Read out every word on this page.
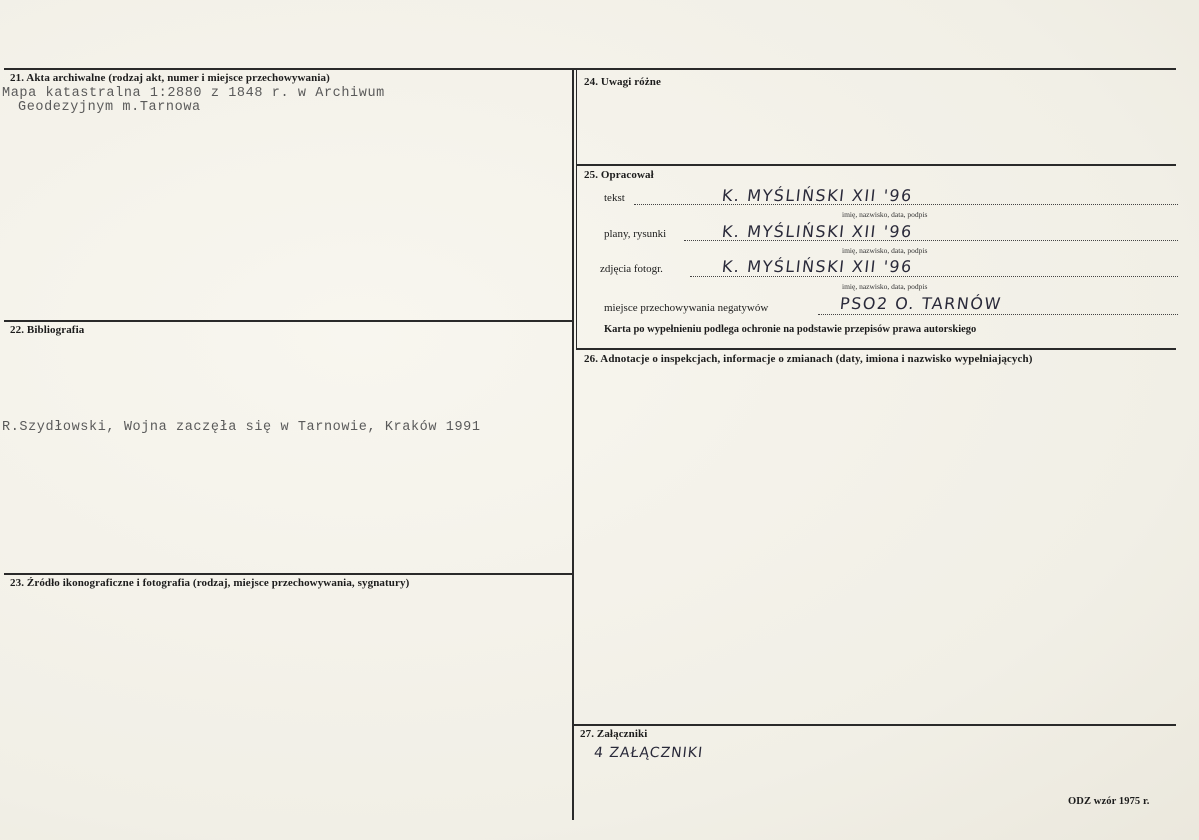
21. Akta archiwalne (rodzaj akt, numer i miejsce przechowywania)
Mapa katastralna 1:2880 z 1848 r. w Archiwum
Geodezyjnym m.Tarnowa
22. Bibliografia
R.Szydłowski, Wojna zaczęła się w Tarnowie, Kraków 1991
23. Źródło ikonograficzne i fotografia (rodzaj, miejsce przechowywania, sygnatury)
24. Uwagi różne
25. Opracował
tekst	K. MYŚLIŃSKI XII '96
imię, nazwisko, data, podpis
plany, rysunki	K. MYŚLIŃSKI XII '96
imię, nazwisko, data, podpis
zdjęcia fotogr.	K. MYŚLIŃSKI XII '96
imię, nazwisko, data, podpis
miejsce przechowywania negatywów	PSO2 O. TARNÓW
Karta po wypełnieniu podlega ochronie na podstawie przepisów prawa autorskiego
26. Adnotacje o inspekcjach, informacje o zmianach (daty, imiona i nazwisko wypełniających)
27. Załączniki
4 ZAŁĄCZNIKI
ODZ wzór 1975 r.
